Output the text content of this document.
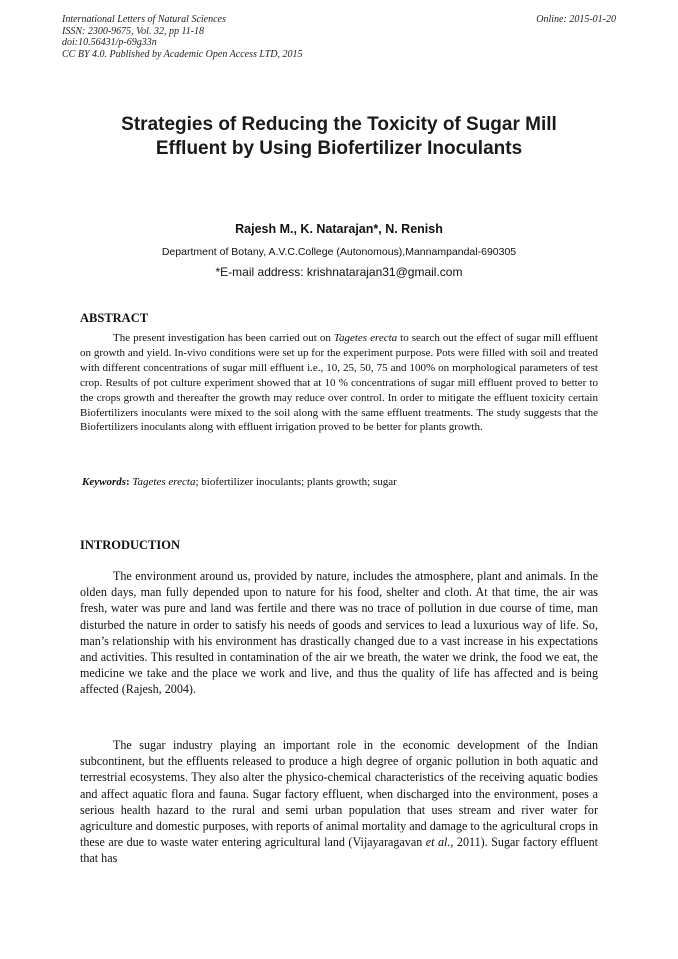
International Letters of Natural Sciences
ISSN: 2300-9675, Vol. 32, pp 11-18
doi:10.56431/p-69g33n
CC BY 4.0. Published by Academic Open Access LTD, 2015
Online: 2015-01-20
Strategies of Reducing the Toxicity of Sugar Mill
Effluent by Using Biofertilizer Inoculants
Rajesh M., K. Natarajan*, N. Renish
Department of Botany, A.V.C.College (Autonomous),Mannampandal-690305
*E-mail address: krishnatarajan31@gmail.com
ABSTRACT
The present investigation has been carried out on Tagetes erecta to search out the effect of sugar mill effluent on growth and yield. In-vivo conditions were set up for the experiment purpose. Pots were filled with soil and treated with different concentrations of sugar mill effluent i.e., 10, 25, 50, 75 and 100% on morphological parameters of test crop. Results of pot culture experiment showed that at 10 % concentrations of sugar mill effluent proved to better to the crops growth and thereafter the growth may reduce over control. In order to mitigate the effluent toxicity certain Biofertilizers inoculants were mixed to the soil along with the same effluent treatments. The study suggests that the Biofertilizers inoculants along with effluent irrigation proved to be better for plants growth.
Keywords: Tagetes erecta; biofertilizer inoculants; plants growth; sugar
INTRODUCTION
The environment around us, provided by nature, includes the atmosphere, plant and animals. In the olden days, man fully depended upon to nature for his food, shelter and cloth. At that time, the air was fresh, water was pure and land was fertile and there was no trace of pollution in due course of time, man disturbed the nature in order to satisfy his needs of goods and services to lead a luxurious way of life. So, man’s relationship with his environment has drastically changed due to a vast increase in his expectations and activities. This resulted in contamination of the air we breath, the water we drink, the food we eat, the medicine we take and the place we work and live, and thus the quality of life has affected and is being affected (Rajesh, 2004).
The sugar industry playing an important role in the economic development of the Indian subcontinent, but the effluents released to produce a high degree of organic pollution in both aquatic and terrestrial ecosystems. They also alter the physico-chemical characteristics of the receiving aquatic bodies and affect aquatic flora and fauna. Sugar factory effluent, when discharged into the environment, poses a serious health hazard to the rural and semi urban population that uses stream and river water for agriculture and domestic purposes, with reports of animal mortality and damage to the agricultural crops in these are due to waste water entering agricultural land (Vijayaragavan et al., 2011). Sugar factory effluent that has
